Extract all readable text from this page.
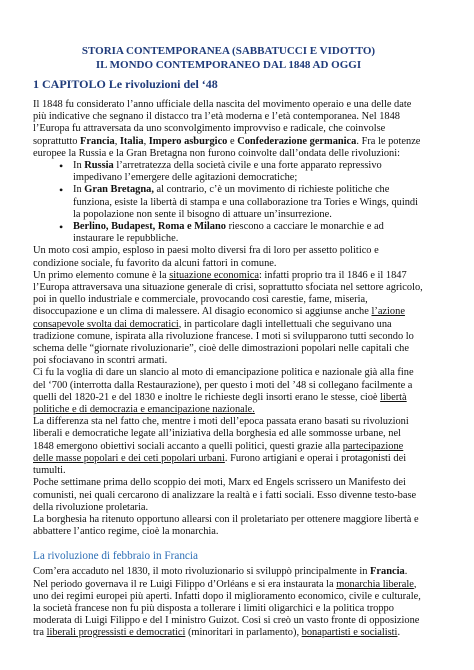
STORIA CONTEMPORANEA (SABBATUCCI E VIDOTTO)

IL MONDO CONTEMPORANEO DAL 1848 AD OGGI

1 CAPITOLO Le rivoluzioni del ‘48

Il 1848 fu considerato l’anno ufficiale della nascita del movimento operaio e una delle date più indicative che segnano il distacco tra l’età moderna e l’età contemporanea. Nel 1848 l’Europa fu attraversata da uno sconvolgimento improvviso e radicale, che coinvolse soprattutto Francia, Italia, Impero asburgico e Confederazione germanica. Fra le potenze europee la Russia e la Gran Bretagna non furono coinvolte dall’ondata delle rivoluzioni:

• In Russia l’arretratezza della società civile e una forte apparato repressivo impedivano l’emergere delle agitazioni democratiche;
• In Gran Bretagna, al contrario, c’è un movimento di richieste politiche che funziona, esiste la libertà di stampa e una collaborazione tra Tories e Wings, quindi la popolazione non sente il bisogno di attuare un’insurrezione.
• Berlino, Budapest, Roma e Milano riescono a cacciare le monarchie e ad instaurare le repubbliche.

Un moto così ampio, esploso in paesi molto diversi fra di loro per assetto politico e condizione sociale, fu favorito da alcuni fattori in comune.

Un primo elemento comune è la situazione economica: infatti proprio tra il 1846 e il 1847 l’Europa attraversava una situazione generale di crisi, soprattutto sfociata nel settore agricolo, poi in quello industriale e commerciale, provocando così carestie, fame, miseria, disoccupazione e un clima di malessere. Al disagio economico si aggiunse anche l’azione consapevole svolta dai democratici, in particolare dagli intellettuali che seguivano una tradizione comune, ispirata alla rivoluzione francese. I moti si svilupparono tutti secondo lo schema delle “giornate rivoluzionarie”, cioè delle dimostrazioni popolari nelle capitali che poi sfociavano in scontri armati.

Ci fu la voglia di dare un slancio al moto di emancipazione politica e nazionale già alla fine del ‘700 (interrotta dalla Restaurazione), per questo i moti del ’48 si collegano facilmente a quelli del 1820-21 e del 1830 e inoltre le richieste degli insorti erano le stesse, cioè libertà politiche e di democrazia e emancipazione nazionale.

La differenza sta nel fatto che, mentre i moti dell’epoca passata erano basati su rivoluzioni liberali e democratiche legate all’iniziativa della borghesia ed alle sommosse urbane, nel 1848 emergono obiettivi sociali accanto a quelli politici, questi grazie alla partecipazione delle masse popolari e dei ceti popolari urbani. Furono artigiani e operai i protagonisti dei tumulti.

Poche settimane prima dello scoppio dei moti, Marx ed Engels scrissero un Manifesto dei comunisti, nei quali cercarono di analizzare la realtà e i fatti sociali. Esso divenne testo-base della rivoluzione proletaria.

La borghesia ha ritenuto opportuno allearsi con il proletariato per ottenere maggiore libertà e abbattere l’antico regime, cioè la monarchia.

La rivoluzione di febbraio in Francia

Com’era accaduto nel 1830, il moto rivoluzionario si sviluppò principalmente in Francia. Nel periodo governava il re Luigi Filippo d’Orléans e si era instaurata la monarchia liberale, uno dei regimi europei più aperti. Infatti dopo il miglioramento economico, civile e culturale, la società francese non fu più disposta a tollerare i limiti oligarchici e la politica troppo moderata di Luigi Filippo e del I ministro Guizot. Così si creò un vasto fronte di opposizione tra liberali progressisti e democratici (minoritari in parlamento), bonapartisti e socialisti.
